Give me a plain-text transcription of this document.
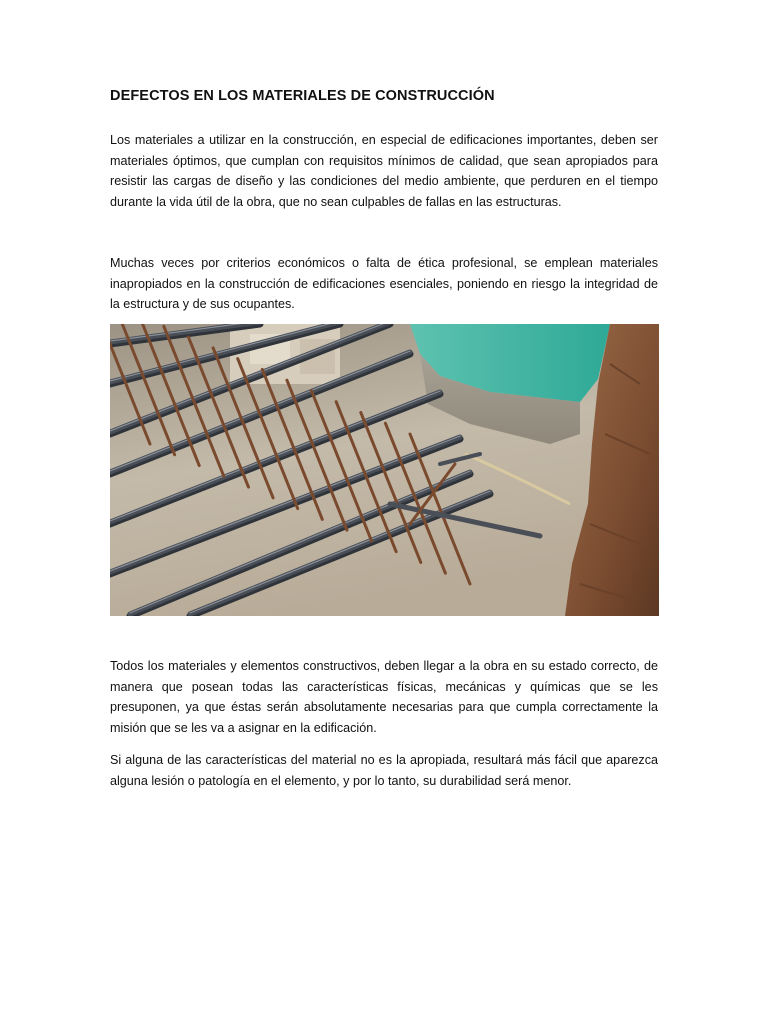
DEFECTOS EN LOS MATERIALES DE CONSTRUCCIÓN

Los materiales a utilizar en la construcción, en especial de edificaciones importantes, deben ser materiales óptimos, que cumplan con requisitos mínimos de calidad, que sean apropiados para resistir las cargas de diseño y las condiciones del medio ambiente, que perduren en el tiempo durante la vida útil de la obra, que no sean culpables de fallas en las estructuras.

Muchas veces por criterios económicos o falta de ética profesional, se emplean materiales inapropiados en la construcción de edificaciones esenciales, poniendo en riesgo la integridad de la estructura y de sus ocupantes.

Todos los materiales y elementos constructivos, deben llegar a la obra en su estado correcto, de manera que posean todas las características físicas, mecánicas y químicas que se les presuponen, ya que éstas serán absolutamente necesarias para que cumpla correctamente la misión que se les va a asignar en la edificación.

Si alguna de las características del material no es la apropiada, resultará más fácil que aparezca alguna lesión o patología en el elemento, y por lo tanto, su durabilidad será menor.
